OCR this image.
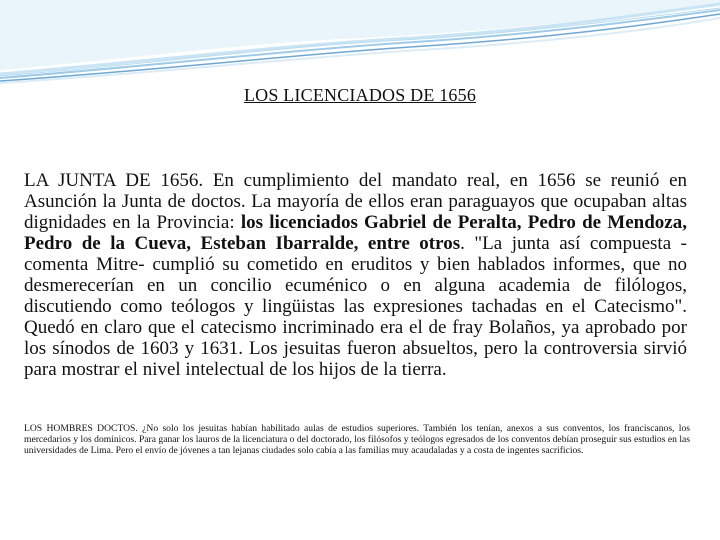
LOS LICENCIADOS DE 1656

LA JUNTA DE 1656. En cumplimiento del mandato real, en 1656 se reunió en Asunción la Junta de doctos. La mayoría de ellos eran paraguayos que ocupaban altas dignidades en la Provincia: los licenciados Gabriel de Peralta, Pedro de Mendoza, Pedro de la Cueva, Esteban Ibarralde, entre otros. "La junta así compuesta -comenta Mitre- cumplió su cometido en eruditos y bien hablados informes, que no desmerecerían en un concilio ecuménico o en alguna academia de filólogos, discutiendo como teólogos y lingüistas las expresiones tachadas en el Catecismo". Quedó en claro que el catecismo incriminado era el de fray Bolaños, ya aprobado por los sínodos de 1603 y 1631. Los jesuitas fueron absueltos, pero la controversia sirvió para mostrar el nivel intelectual de los hijos de la tierra.

LOS HOMBRES DOCTOS. ¿No solo los jesuitas habían habilitado aulas de estudios superiores. También los tenían, anexos a sus conventos, los franciscanos, los mercedarios y los dominicos. Para ganar los lauros de la licenciatura o del doctorado, los filósofos y teólogos egresados de los conventos debían proseguir sus estudios en las universidades de Lima. Pero el envío de jóvenes a tan lejanas ciudades solo cabía a las familias muy acaudaladas y a costa de ingentes sacrificios.
